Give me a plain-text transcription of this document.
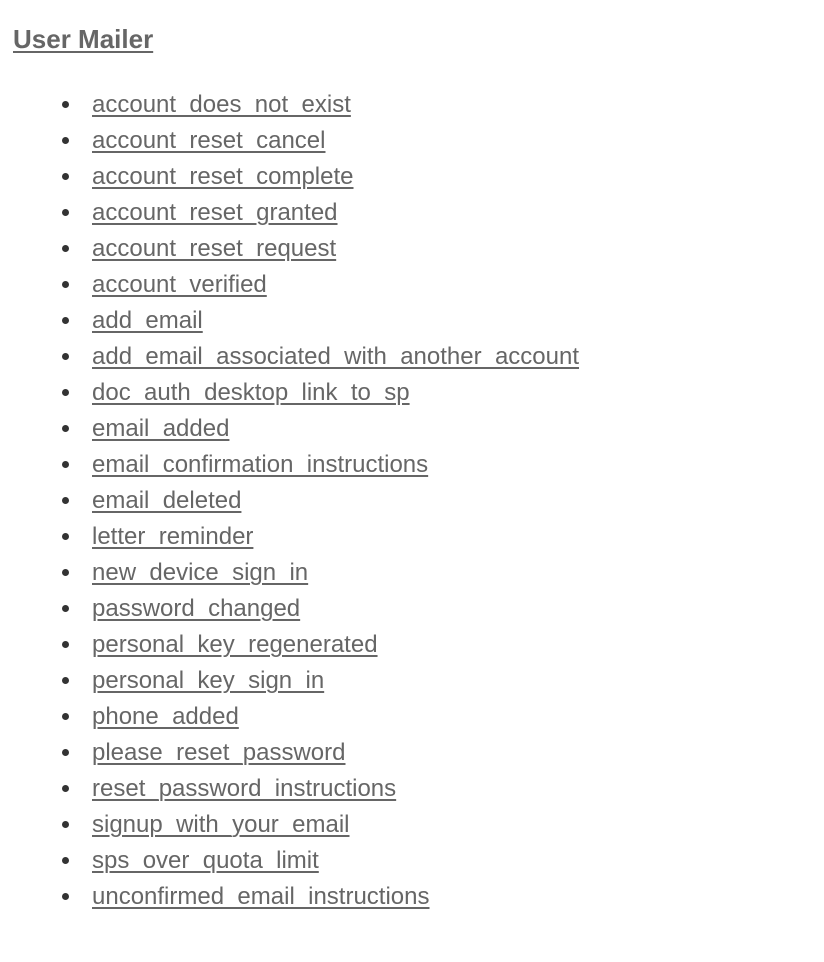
User Mailer
account_does_not_exist
account_reset_cancel
account_reset_complete
account_reset_granted
account_reset_request
account_verified
add_email
add_email_associated_with_another_account
doc_auth_desktop_link_to_sp
email_added
email_confirmation_instructions
email_deleted
letter_reminder
new_device_sign_in
password_changed
personal_key_regenerated
personal_key_sign_in
phone_added
please_reset_password
reset_password_instructions
signup_with_your_email
sps_over_quota_limit
unconfirmed_email_instructions
